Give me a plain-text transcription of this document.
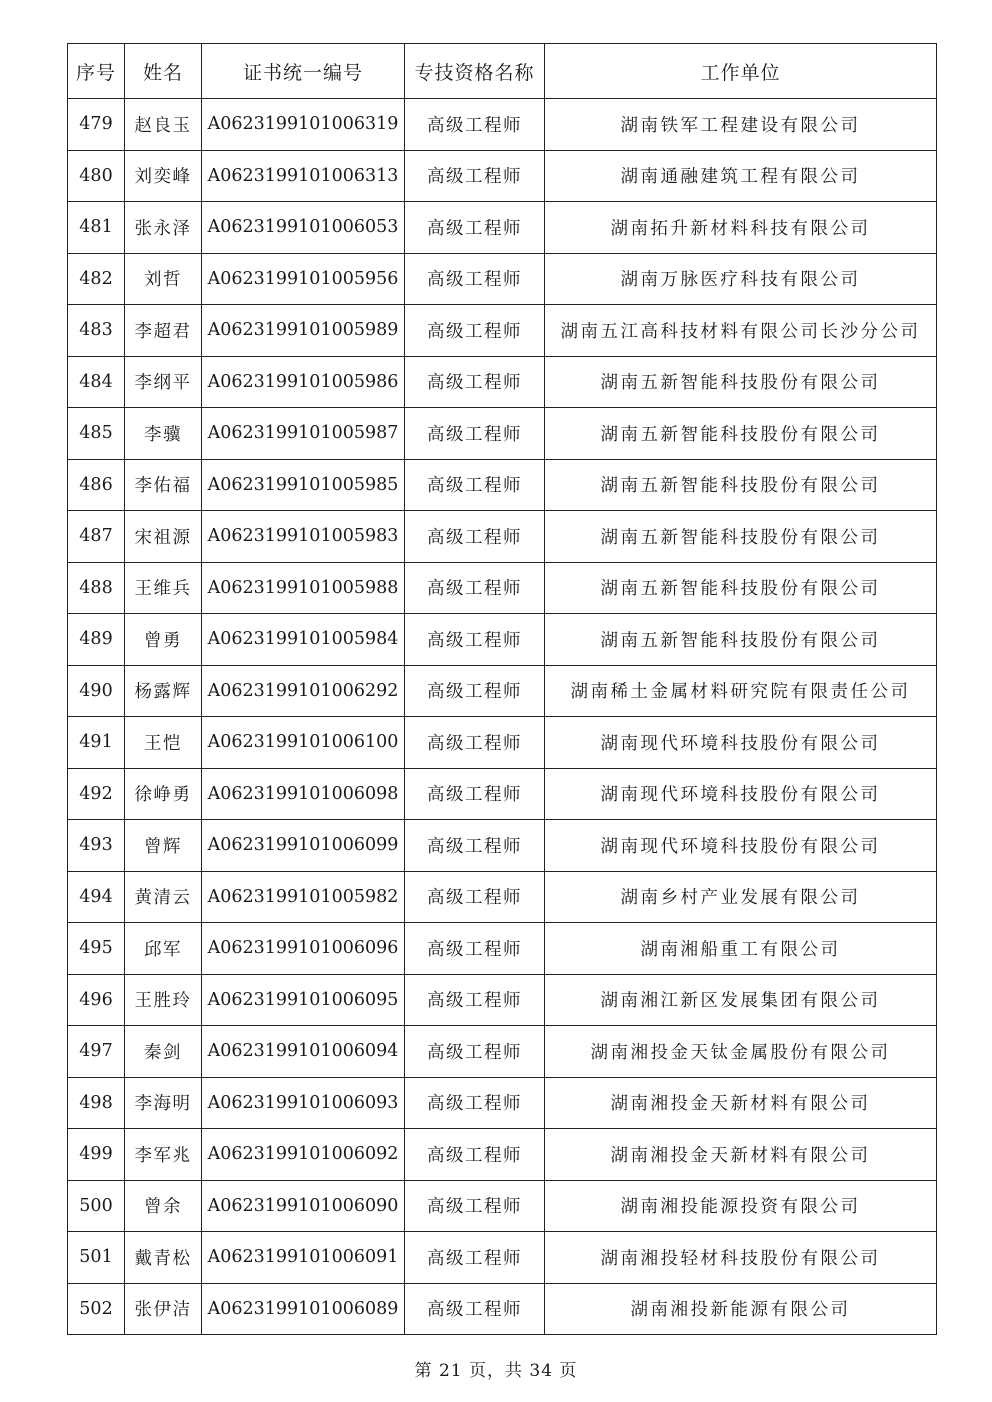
序号	姓名	证书统一编号	专技资格名称	工作单位
479	赵良玉	A0623199101006319	高级工程师	湖南铁军工程建设有限公司
480	刘奕峰	A0623199101006313	高级工程师	湖南通融建筑工程有限公司
481	张永泽	A0623199101006053	高级工程师	湖南拓升新材料科技有限公司
482	刘哲	A0623199101005956	高级工程师	湖南万脉医疗科技有限公司
483	李超君	A0623199101005989	高级工程师	湖南五江高科技材料有限公司长沙分公司
484	李纲平	A0623199101005986	高级工程师	湖南五新智能科技股份有限公司
485	李骥	A0623199101005987	高级工程师	湖南五新智能科技股份有限公司
486	李佑福	A0623199101005985	高级工程师	湖南五新智能科技股份有限公司
487	宋祖源	A0623199101005983	高级工程师	湖南五新智能科技股份有限公司
488	王维兵	A0623199101005988	高级工程师	湖南五新智能科技股份有限公司
489	曾勇	A0623199101005984	高级工程师	湖南五新智能科技股份有限公司
490	杨露辉	A0623199101006292	高级工程师	湖南稀土金属材料研究院有限责任公司
491	王恺	A0623199101006100	高级工程师	湖南现代环境科技股份有限公司
492	徐峥勇	A0623199101006098	高级工程师	湖南现代环境科技股份有限公司
493	曾辉	A0623199101006099	高级工程师	湖南现代环境科技股份有限公司
494	黄清云	A0623199101005982	高级工程师	湖南乡村产业发展有限公司
495	邱军	A0623199101006096	高级工程师	湖南湘船重工有限公司
496	王胜玲	A0623199101006095	高级工程师	湖南湘江新区发展集团有限公司
497	秦剑	A0623199101006094	高级工程师	湖南湘投金天钛金属股份有限公司
498	李海明	A0623199101006093	高级工程师	湖南湘投金天新材料有限公司
499	李军兆	A0623199101006092	高级工程师	湖南湘投金天新材料有限公司
500	曾余	A0623199101006090	高级工程师	湖南湘投能源投资有限公司
501	戴青松	A0623199101006091	高级工程师	湖南湘投轻材科技股份有限公司
502	张伊洁	A0623199101006089	高级工程师	湖南湘投新能源有限公司
第 21 页，共 34 页
